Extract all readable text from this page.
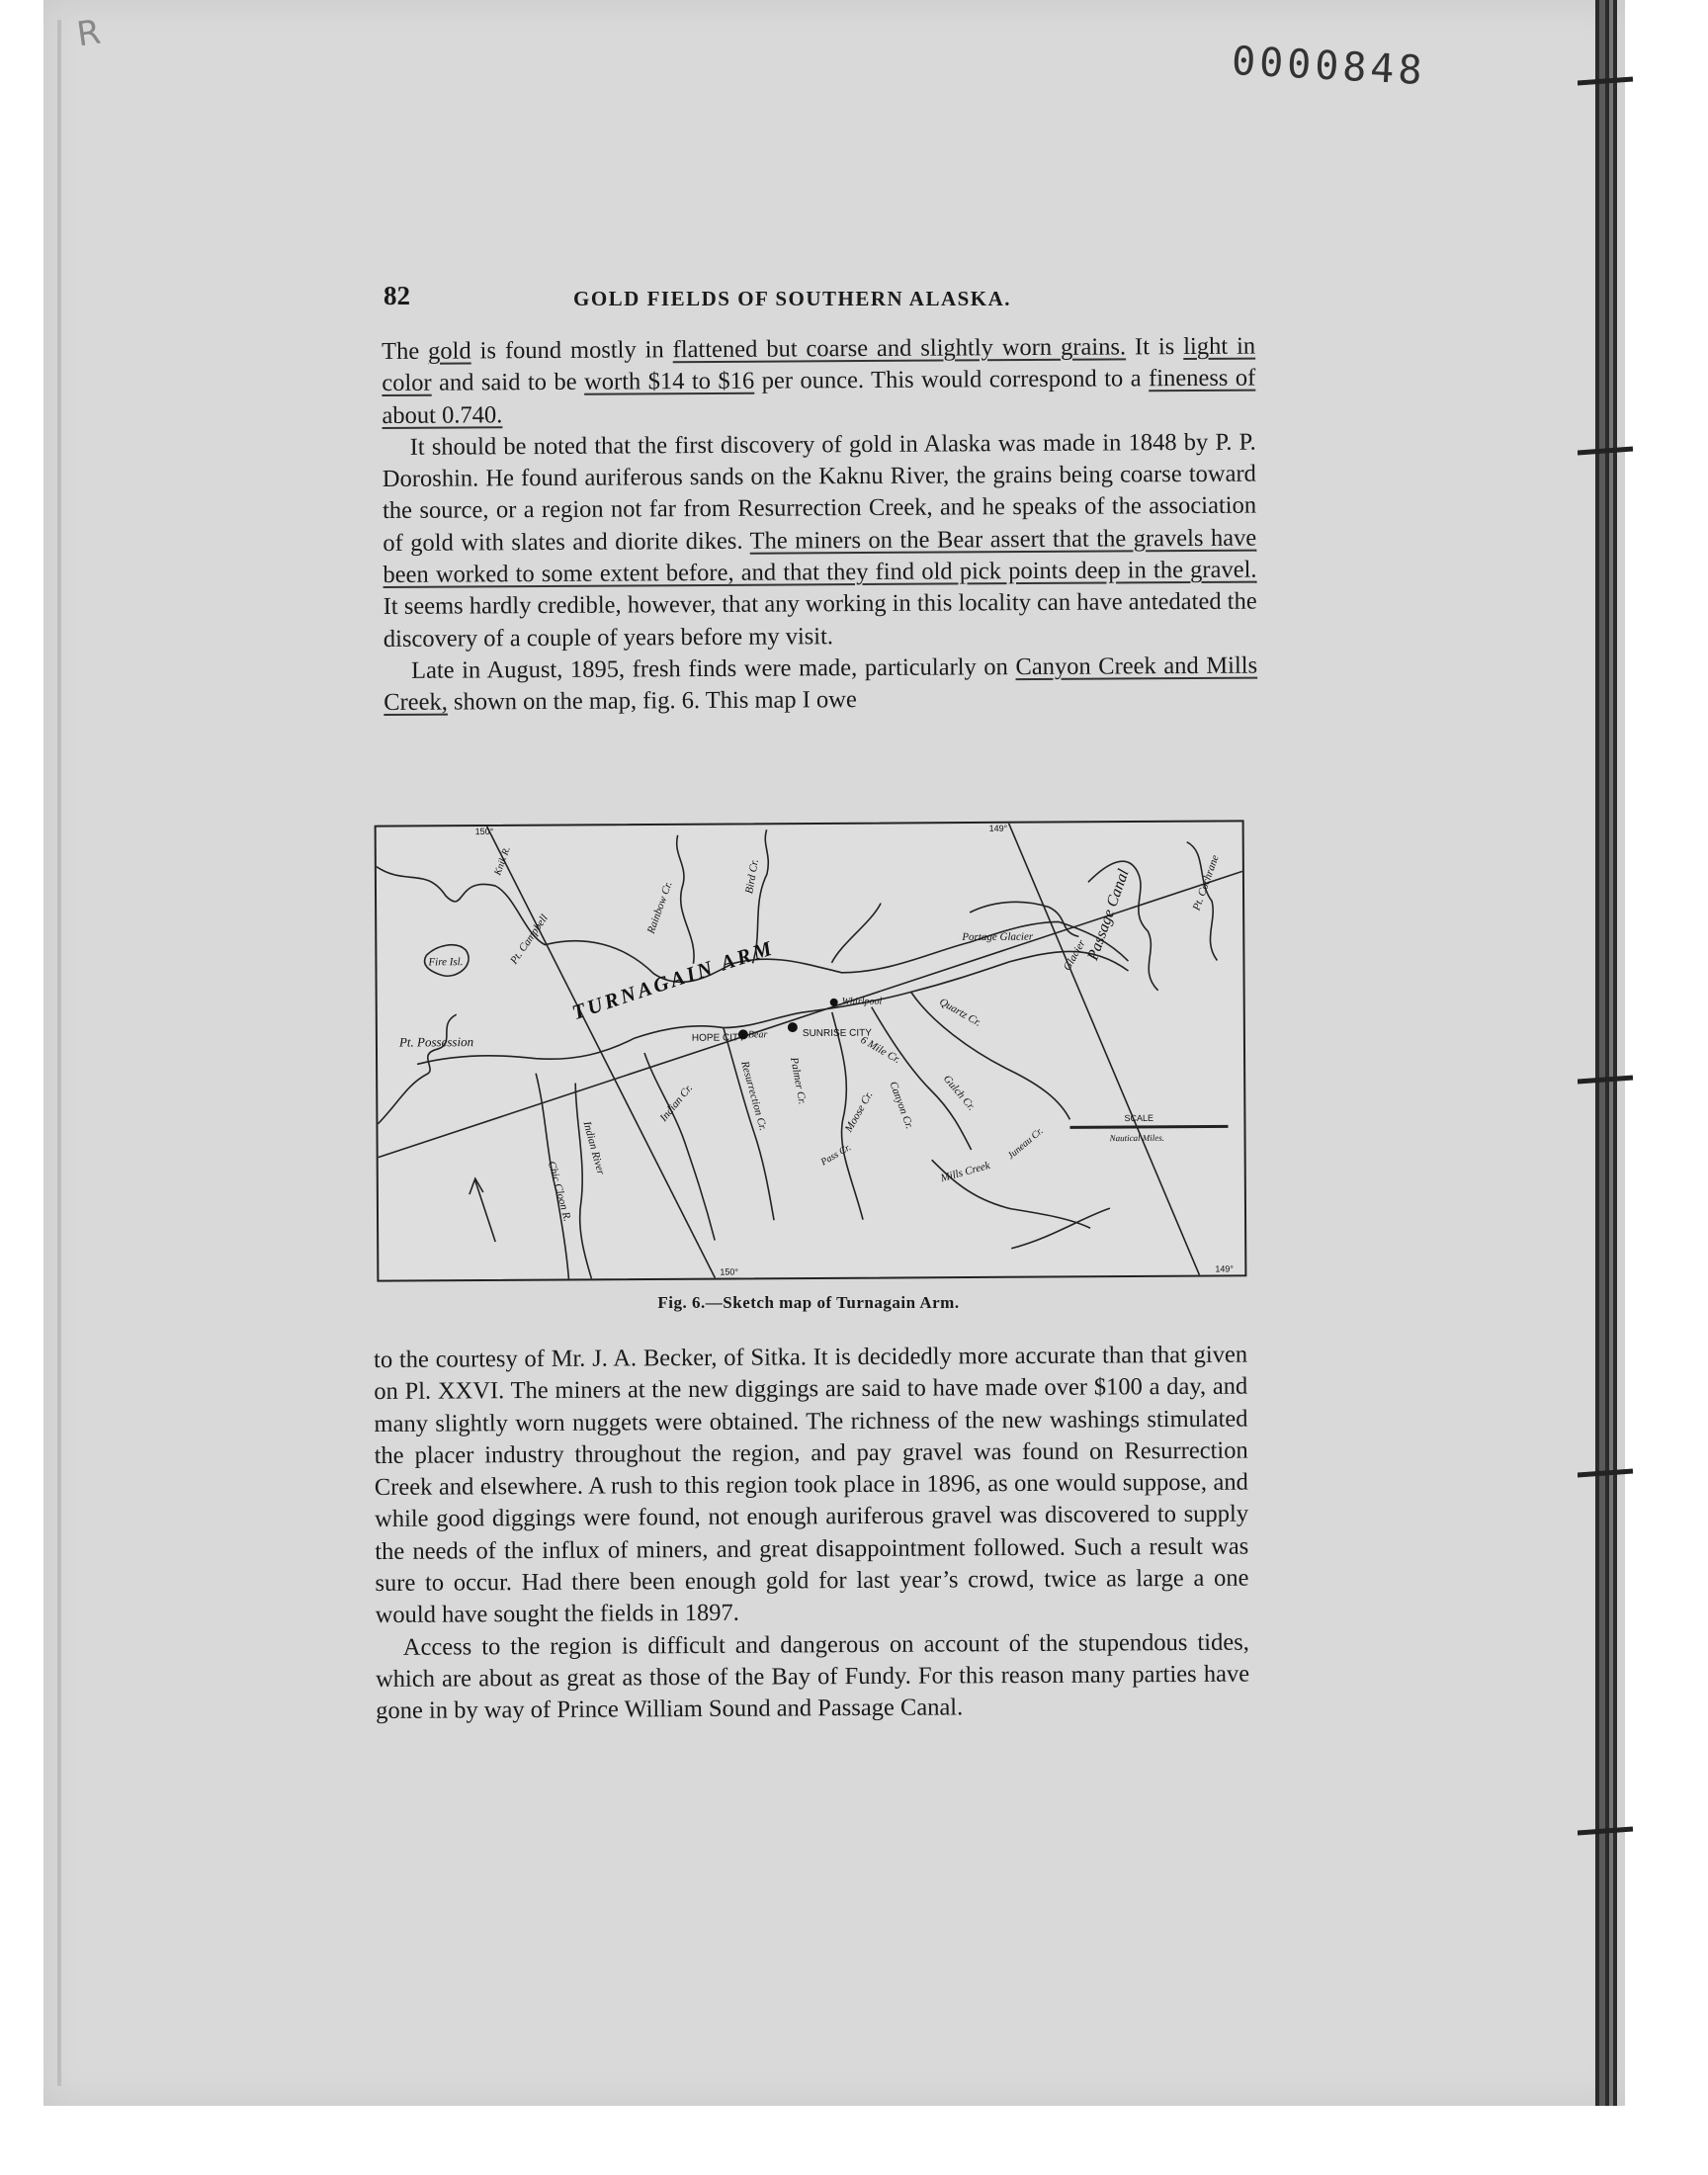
R
0000848
82	GOLD FIELDS OF SOUTHERN ALASKA.

The gold is found mostly in flattened but coarse and slightly worn grains. It is light in color and said to be worth $14 to $16 per ounce. This would correspond to a fineness of about 0.740.

It should be noted that the first discovery of gold in Alaska was made in 1848 by P. P. Doroshin. He found auriferous sands on the Kaknu River, the grains being coarse toward the source, or a region not far from Resurrection Creek, and he speaks of the association of gold with slates and diorite dikes. The miners on the Bear assert that the gravels have been worked to some extent before, and that they find old pick points deep in the gravel. It seems hardly credible, however, that any working in this locality can have antedated the discovery of a couple of years before my visit.

Late in August, 1895, fresh finds were made, particularly on Canyon Creek and Mills Creek, shown on the map, fig. 6. This map I owe

150°	149°
150°	149°
TURNAGAIN ARM
Pt. Possession	HOPE CITY	SUNRISE CITY
Whirlpool
Bear
Portage Glacier	Passage Canal
Glacier
Pt. Cochrane
Fire Isl.	Pt. Campbell
Knik R.
Rainbow Cr.
Bird Cr.
Quartz Cr.
6 Mile Cr.
Resurrection Cr. Palmer Cr.	Canyon Cr. Gulch Cr.
Moose Cr.
Mills Creek
Juneau Cr.
Indian River
Indian Cr.
Chic Cloon R.
Pass Cr.
SCALE
Nautical Miles.
Fig. 6.—Sketch map of Turnagain Arm.

to the courtesy of Mr. J. A. Becker, of Sitka. It is decidedly more accurate than that given on Pl. XXVI. The miners at the new diggings are said to have made over $100 a day, and many slightly worn nuggets were obtained. The richness of the new washings stimulated the placer industry throughout the region, and pay gravel was found on Resurrection Creek and elsewhere. A rush to this region took place in 1896, as one would suppose, and while good diggings were found, not enough auriferous gravel was discovered to supply the needs of the influx of miners, and great disappointment followed. Such a result was sure to occur. Had there been enough gold for last year’s crowd, twice as large a one would have sought the fields in 1897.

Access to the region is difficult and dangerous on account of the stupendous tides, which are about as great as those of the Bay of Fundy. For this reason many parties have gone in by way of Prince William Sound and Passage Canal.
